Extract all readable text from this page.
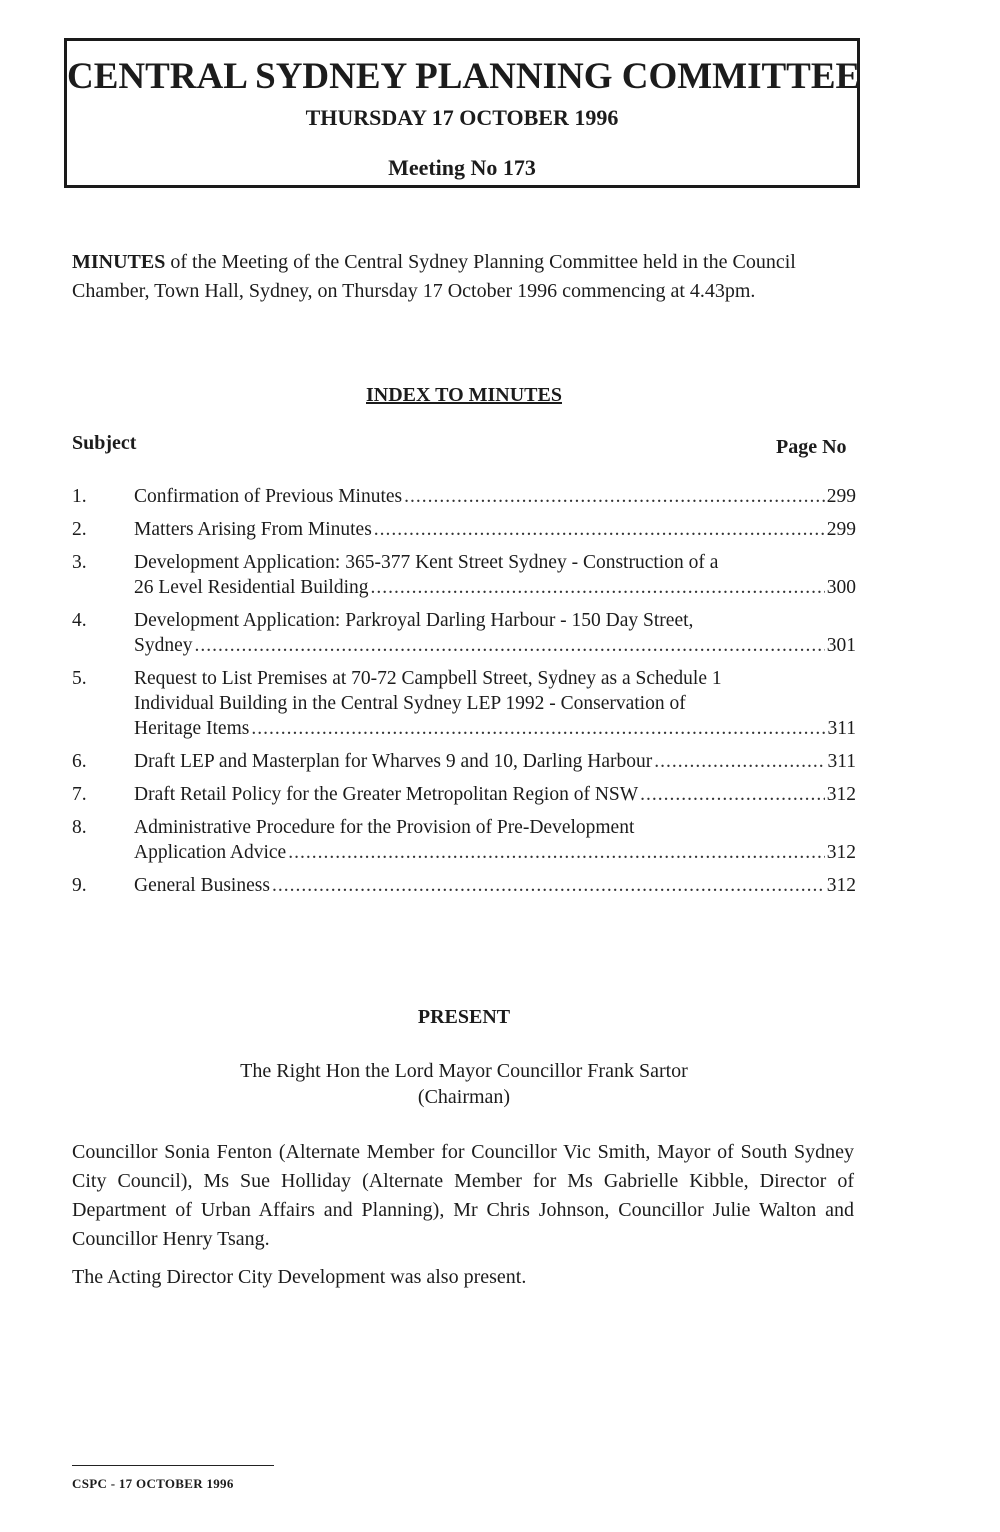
CENTRAL SYDNEY PLANNING COMMITTEE
THURSDAY 17 OCTOBER 1996
Meeting No 173
MINUTES of the Meeting of the Central Sydney Planning Committee held in the Council Chamber, Town Hall, Sydney, on Thursday 17 October 1996 commencing at 4.43pm.
INDEX TO MINUTES
Subject	Page No
1. Confirmation of Previous Minutes .....	299
2. Matters Arising From Minutes .....	299
3. Development Application: 365-377 Kent Street Sydney - Construction of a
26 Level Residential Building .....	300
4. Development Application: Parkroyal Darling Harbour - 150 Day Street,
Sydney .....	301
5. Request to List Premises at 70-72 Campbell Street, Sydney as a Schedule 1
Individual Building in the Central Sydney LEP 1992 - Conservation of
Heritage Items .....	311
6. Draft LEP and Masterplan for Wharves 9 and 10, Darling Harbour .....	311
7. Draft Retail Policy for the Greater Metropolitan Region of NSW .....	312
8. Administrative Procedure for the Provision of Pre-Development
Application Advice .....	312
9. General Business .....	312
PRESENT
The Right Hon the Lord Mayor Councillor Frank Sartor
(Chairman)
Councillor Sonia Fenton (Alternate Member for Councillor Vic Smith, Mayor of South Sydney City Council), Ms Sue Holliday (Alternate Member for Ms Gabrielle Kibble, Director of Department of Urban Affairs and Planning), Mr Chris Johnson, Councillor Julie Walton and Councillor Henry Tsang.
The Acting Director City Development was also present.
CSPC - 17 OCTOBER 1996
